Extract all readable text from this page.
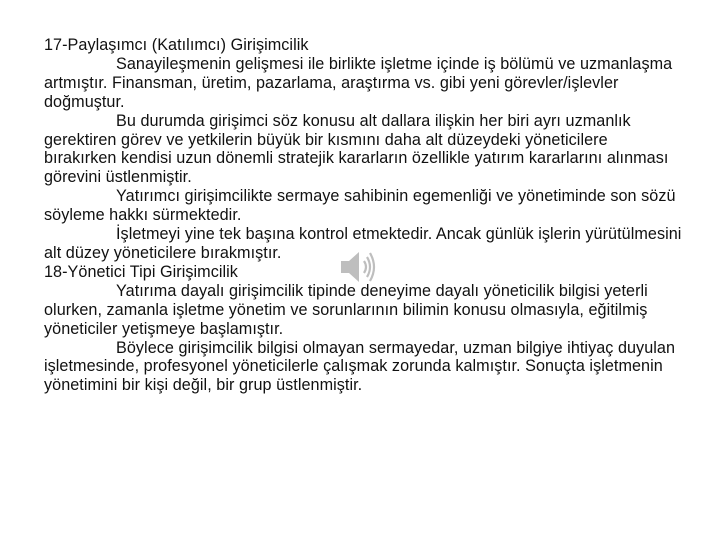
17-Paylaşımcı (Katılımcı) Girişimcilik

Sanayileşmenin gelişmesi ile birlikte işletme içinde iş bölümü ve uzmanlaşma artmıştır. Finansman, üretim, pazarlama, araştırma vs. gibi yeni görevler/işlevler doğmuştur.

Bu durumda girişimci söz konusu alt dallara ilişkin her biri ayrı uzmanlık gerektiren görev ve yetkilerin büyük bir kısmını daha alt düzeydeki yöneticilere bırakırken kendisi uzun dönemli stratejik kararların özellikle yatırım kararlarını alınması görevini üstlenmiştir.

Yatırımcı girişimcilikte sermaye sahibinin egemenliği ve yönetiminde son sözü söyleme hakkı sürmektedir.

İşletmeyi yine tek başına kontrol etmektedir. Ancak günlük işlerin yürütülmesini alt düzey yöneticilere bırakmıştır.

18-Yönetici Tipi Girişimcilik

Yatırıma dayalı girişimcilik tipinde deneyime dayalı yöneticilik bilgisi yeterli olurken, zamanla işletme yönetim ve sorunlarının bilimin konusu olmasıyla, eğitilmiş yöneticiler yetişmeye başlamıştır.

Böylece girişimcilik bilgisi olmayan sermayedar, uzman bilgiye ihtiyaç duyulan işletmesinde, profesyonel yöneticilerle çalışmak zorunda kalmıştır. Sonuçta işletmenin yönetimini bir kişi değil, bir grup üstlenmiştir.
